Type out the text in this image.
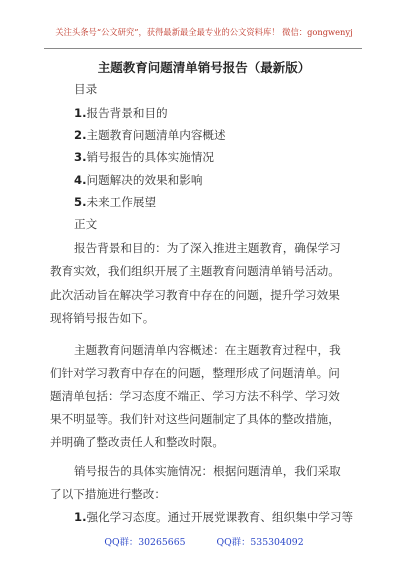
关注头条号“公文研究”，获得最新最全最专业的公文资料库！ 微信：gongwenyj
主题教育问题清单销号报告（最新版）
目录
1.报告背景和目的
2.主题教育问题清单内容概述
3.销号报告的具体实施情况
4.问题解决的效果和影响
5.未来工作展望
正文
报告背景和目的：为了深入推进主题教育，确保学习
教育实效，我们组织开展了主题教育问题清单销号活动。
此次活动旨在解决学习教育中存在的问题，提升学习效果
现将销号报告如下。
主题教育问题清单内容概述：在主题教育过程中，我
们针对学习教育中存在的问题，整理形成了问题清单。问
题清单包括：学习态度不端正、学习方法不科学、学习效
果不明显等。我们针对这些问题制定了具体的整改措施，
并明确了整改责任人和整改时限。
销号报告的具体实施情况：根据问题清单，我们采取
了以下措施进行整改：
1.强化学习态度。通过开展党课教育、组织集中学习等
QQ群：30265665	QQ群：535304092
